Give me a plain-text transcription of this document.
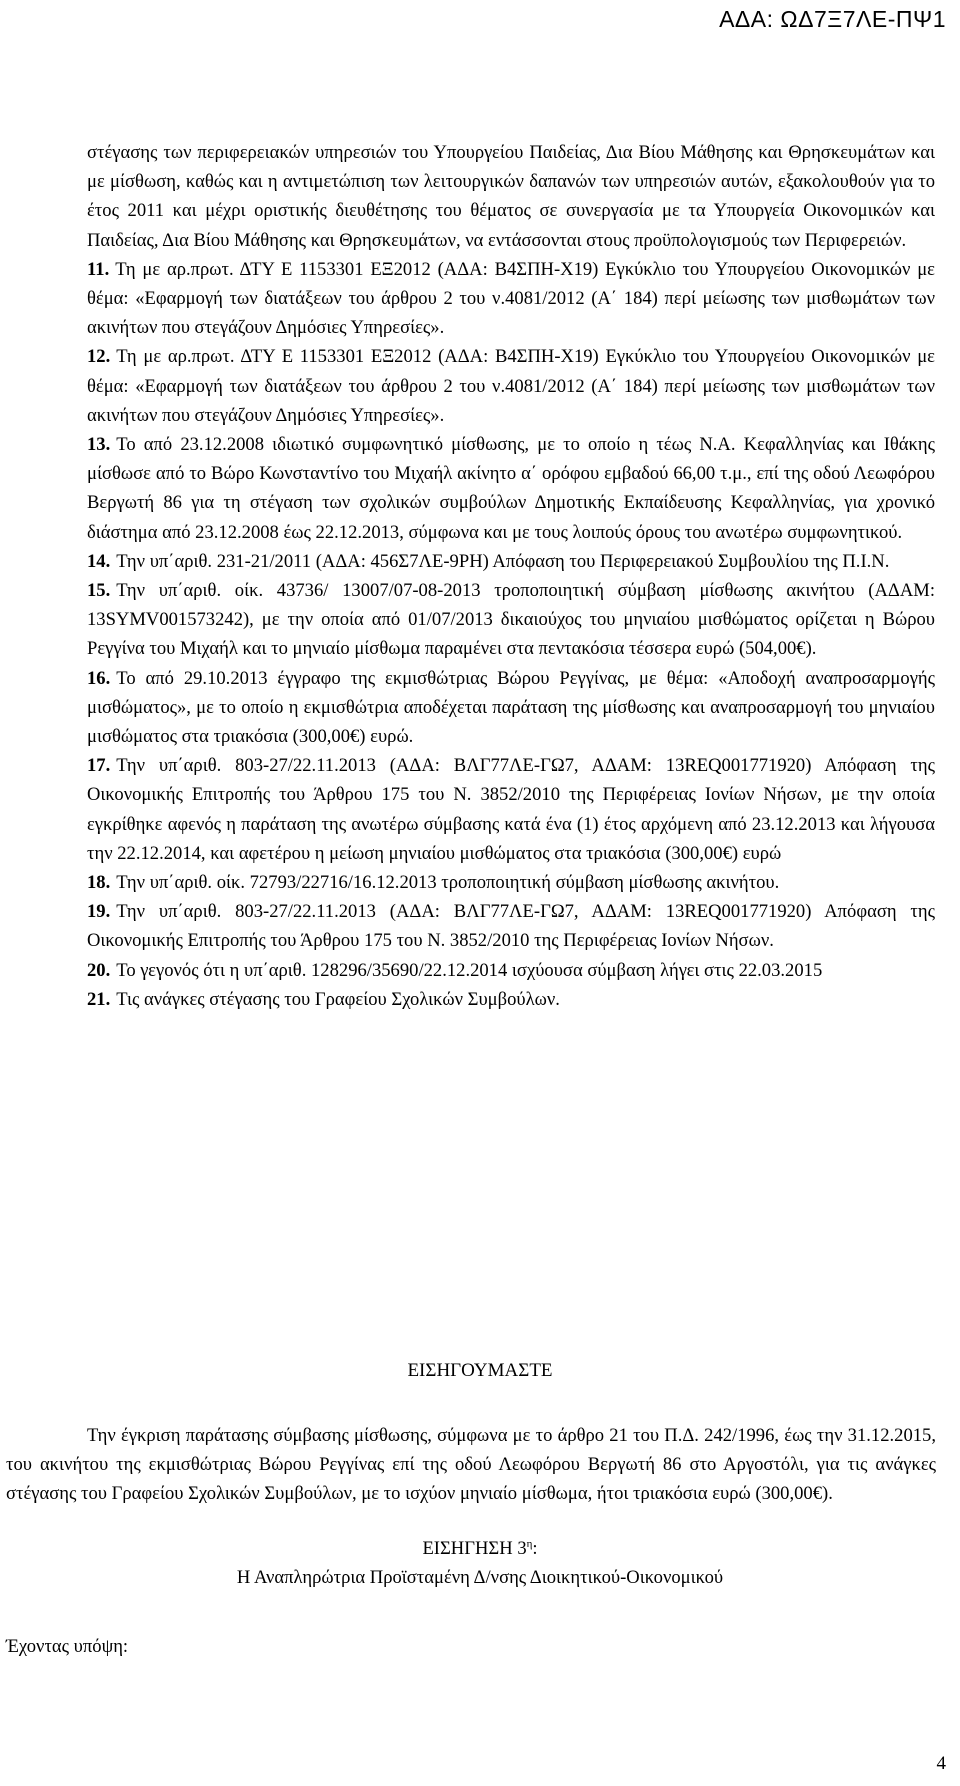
ΑΔΑ: ΩΔ7Ξ7ΛΕ-ΠΨ1

στέγασης των περιφερειακών υπηρεσιών του Υπουργείου Παιδείας, Δια Βίου Μάθησης και Θρησκευμάτων και με μίσθωση, καθώς και η αντιμετώπιση των λειτουργικών δαπανών των υπηρεσιών αυτών, εξακολουθούν για το έτος 2011 και μέχρι οριστικής διευθέτησης του θέματος σε συνεργασία με τα Υπουργεία Οικονομικών και Παιδείας, Δια Βίου Μάθησης και Θρησκευμάτων, να εντάσσονται στους προϋπολογισμούς των Περιφερειών.

11. Τη με αρ.πρωτ. ΔΤΥ Ε 1153301 ΕΞ2012 (ΑΔΑ: Β4ΣΠΗ-Χ19) Εγκύκλιο του Υπουργείου Οικονομικών με θέμα: «Εφαρμογή των διατάξεων του άρθρου 2 του ν.4081/2012 (Α΄ 184) περί μείωσης των μισθωμάτων των ακινήτων που στεγάζουν Δημόσιες Υπηρεσίες».

12. Τη με αρ.πρωτ. ΔΤΥ Ε 1153301 ΕΞ2012 (ΑΔΑ: Β4ΣΠΗ-Χ19) Εγκύκλιο του Υπουργείου Οικονομικών με θέμα: «Εφαρμογή των διατάξεων του άρθρου 2 του ν.4081/2012 (Α΄ 184) περί μείωσης των μισθωμάτων των ακινήτων που στεγάζουν Δημόσιες Υπηρεσίες».

13. Το από 23.12.2008 ιδιωτικό συμφωνητικό μίσθωσης, με το οποίο η τέως Ν.Α. Κεφαλληνίας και Ιθάκης μίσθωσε από το Βώρο Κωνσταντίνο του Μιχαήλ ακίνητο α΄ ορόφου εμβαδού 66,00 τ.μ., επί της οδού Λεωφόρου Βεργωτή 86 για τη στέγαση των σχολικών συμβούλων Δημοτικής Εκπαίδευσης Κεφαλληνίας, για χρονικό διάστημα από 23.12.2008 έως 22.12.2013, σύμφωνα και με τους λοιπούς όρους του ανωτέρω συμφωνητικού.

14. Την υπ΄αριθ. 231-21/2011 (ΑΔΑ: 456Σ7ΛΕ-9ΡΗ) Απόφαση του Περιφερειακού Συμβουλίου της Π.Ι.Ν.

15. Την υπ΄αριθ. οίκ. 43736/ 13007/07-08-2013 τροποποιητική σύμβαση μίσθωσης ακινήτου (ΑΔΑΜ: 13SYMV001573242), με την οποία από 01/07/2013 δικαιούχος του μηνιαίου μισθώματος ορίζεται η Βώρου Ρεγγίνα του Μιχαήλ και το μηνιαίο μίσθωμα παραμένει στα πεντακόσια τέσσερα ευρώ (504,00€).

16. Το από 29.10.2013 έγγραφο της εκμισθώτριας Βώρου Ρεγγίνας, με θέμα: «Αποδοχή αναπροσαρμογής μισθώματος», με το οποίο η εκμισθώτρια αποδέχεται παράταση της μίσθωσης και αναπροσαρμογή του μηνιαίου μισθώματος στα τριακόσια (300,00€) ευρώ.

17. Την υπ΄αριθ. 803-27/22.11.2013 (ΑΔΑ: ΒΛΓ77ΛΕ-ΓΩ7, ΑΔΑΜ: 13REQ001771920) Απόφαση της Οικονομικής Επιτροπής του Άρθρου 175 του Ν. 3852/2010 της Περιφέρειας Ιονίων Νήσων, με την οποία εγκρίθηκε αφενός η παράταση της ανωτέρω σύμβασης κατά ένα (1) έτος αρχόμενη από 23.12.2013 και λήγουσα την 22.12.2014, και αφετέρου η μείωση μηνιαίου μισθώματος στα τριακόσια (300,00€) ευρώ

18. Την υπ΄αριθ. οίκ. 72793/22716/16.12.2013 τροποποιητική σύμβαση μίσθωσης ακινήτου.

19. Την υπ΄αριθ. 803-27/22.11.2013 (ΑΔΑ: ΒΛΓ77ΛΕ-ΓΩ7, ΑΔΑΜ: 13REQ001771920) Απόφαση της Οικονομικής Επιτροπής του Άρθρου 175 του Ν. 3852/2010 της Περιφέρειας Ιονίων Νήσων.

20. Το γεγονός ότι η υπ΄αριθ. 128296/35690/22.12.2014 ισχύουσα σύμβαση λήγει στις 22.03.2015

21. Τις ανάγκες στέγασης του Γραφείου Σχολικών Συμβούλων.

ΕΙΣΗΓΟΥΜΑΣΤΕ
Την έγκριση παράτασης σύμβασης μίσθωσης, σύμφωνα με το άρθρο 21 του Π.Δ. 242/1996, έως την 31.12.2015, του ακινήτου της εκμισθώτριας Βώρου Ρεγγίνας επί της οδού Λεωφόρου Βεργωτή 86 στο Αργοστόλι, για τις ανάγκες στέγασης του Γραφείου Σχολικών Συμβούλων, με το ισχύον μηνιαίο μίσθωμα, ήτοι τριακόσια ευρώ (300,00€).
ΕΙΣΗΓΗΣΗ $3^\eta$:
Η Αναπληρώτρια Προϊσταμένη Δ/νσης Διοικητικού-Οικονομικού
Έχοντας υπόψη:
4
